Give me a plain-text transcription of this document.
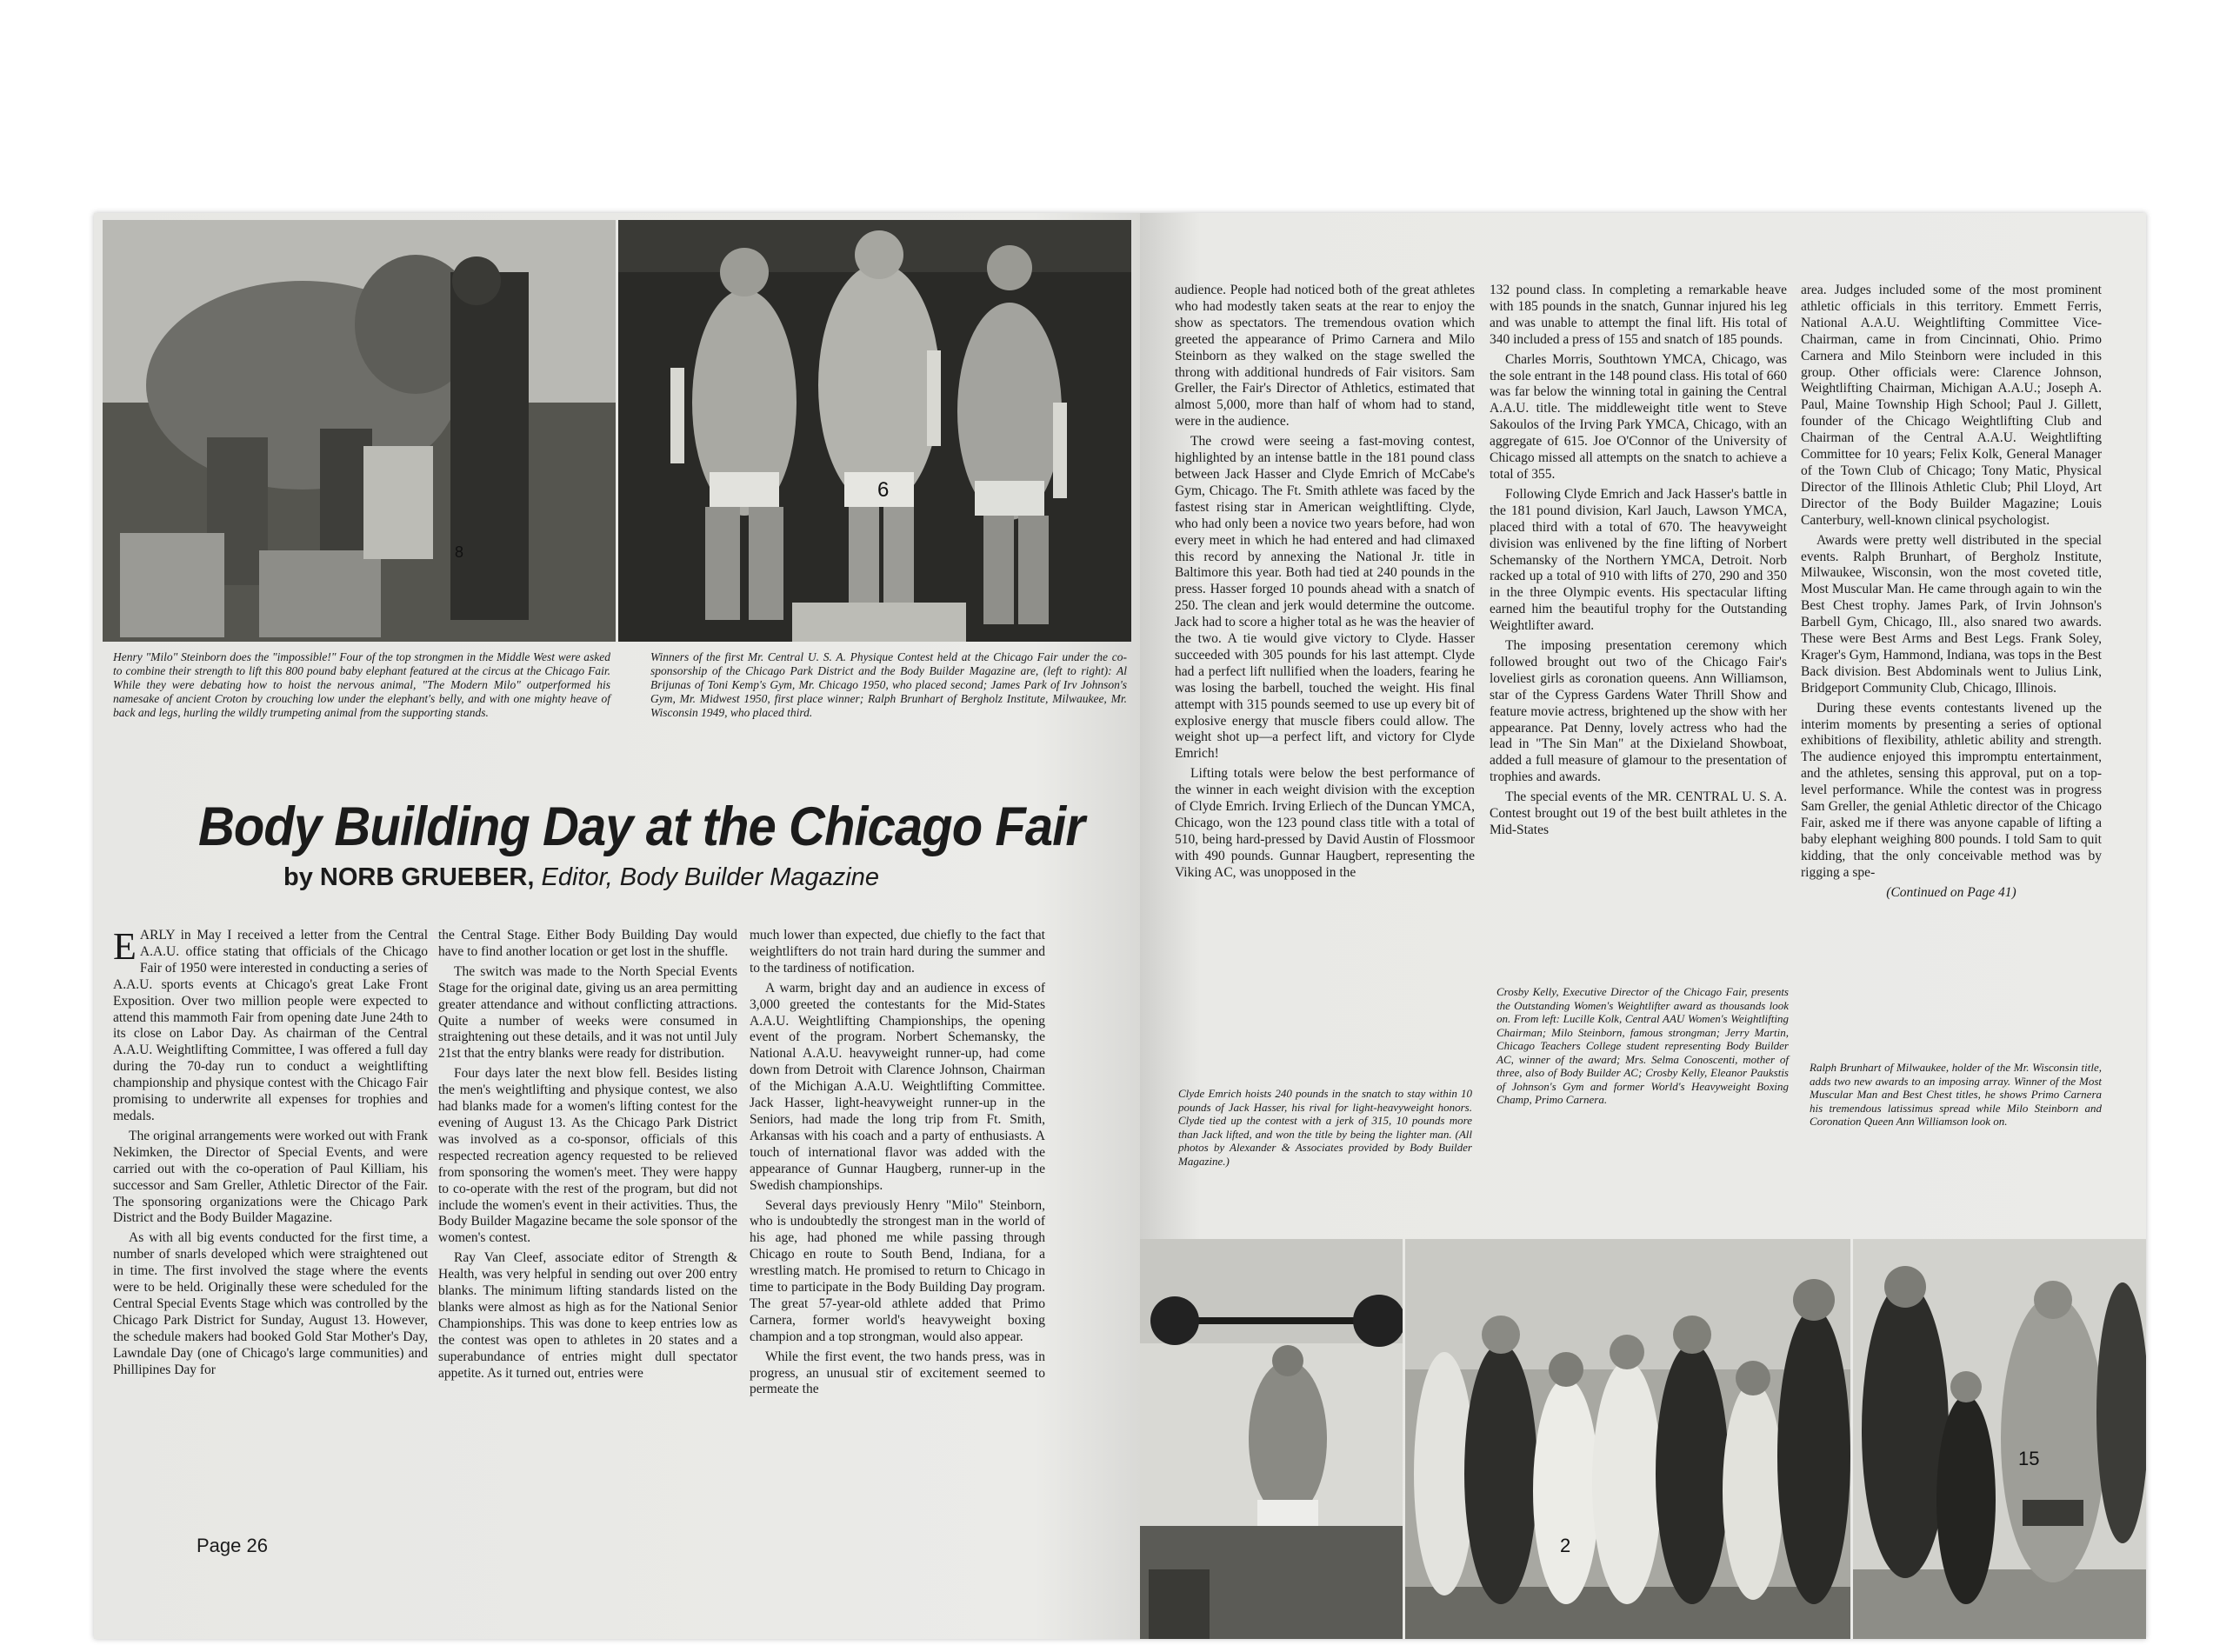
8
6
Henry "Milo" Steinborn does the "impossible!" Four of the top strongmen in the Middle West were asked to combine their strength to lift this 800 pound baby elephant featured at the circus at the Chicago Fair. While they were debating how to hoist the nervous animal, "The Modern Milo" outperformed his namesake of ancient Croton by crouching low under the elephant's belly, and with one mighty heave of back and legs, hurling the wildly trumpeting animal from the supporting stands.
Winners of the first Mr. Central U. S. A. Physique Contest held at the Chicago Fair under the co-sponsorship of the Chicago Park District and the Body Builder Magazine are, (left to right): Al Brijunas of Toni Kemp's Gym, Mr. Chicago 1950, who placed second; James Park of Irv Johnson's Gym, Mr. Midwest 1950, first place winner; Ralph Brunhart of Bergholz Institute, Milwaukee, Mr. Wisconsin 1949, who placed third.
Body Building Day at the Chicago Fair
by NORB GRUEBER, Editor, Body Builder Magazine

EARLY in May I received a letter from the Central A.A.U. office stating that officials of the Chicago Fair of 1950 were interested in conducting a series of A.A.U. sports events at Chicago's great Lake Front Exposition. Over two million people were expected to attend this mammoth Fair from opening date June 24th to its close on Labor Day. As chairman of the Central A.A.U. Weightlifting Committee, I was offered a full day during the 70-day run to conduct a weightlifting championship and physique contest with the Chicago Fair promising to underwrite all expenses for trophies and medals.

The original arrangements were worked out with Frank Nekimken, the Director of Special Events, and were carried out with the co-operation of Paul Killiam, his successor and Sam Greller, Athletic Director of the Fair. The sponsoring organizations were the Chicago Park District and the Body Builder Magazine.

As with all big events conducted for the first time, a number of snarls developed which were straightened out in time. The first involved the stage where the events were to be held. Originally these were scheduled for the Central Special Events Stage which was controlled by the Chicago Park District for Sunday, August 13. However, the schedule makers had booked Gold Star Mother's Day, Lawndale Day (one of Chicago's large communities) and Phillipines Day for

the Central Stage. Either Body Building Day would have to find another location or get lost in the shuffle.

The switch was made to the North Special Events Stage for the original date, giving us an area permitting greater attendance and without conflicting attractions. Quite a number of weeks were consumed in straightening out these details, and it was not until July 21st that the entry blanks were ready for distribution.

Four days later the next blow fell. Besides listing the men's weightlifting and physique contest, we also had blanks made for a women's lifting contest for the evening of August 13. As the Chicago Park District was involved as a co-sponsor, officials of this respected recreation agency requested to be relieved from sponsoring the women's meet. They were happy to co-operate with the rest of the program, but did not include the women's event in their activities. Thus, the Body Builder Magazine became the sole sponsor of the women's contest.

Ray Van Cleef, associate editor of Strength & Health, was very helpful in sending out over 200 entry blanks. The minimum lifting standards listed on the blanks were almost as high as for the National Senior Championships. This was done to keep entries low as the contest was open to athletes in 20 states and a superabundance of entries might dull spectator appetite. As it turned out, entries were

much lower than expected, due chiefly to the fact that weightlifters do not train hard during the summer and to the tardiness of notification.

A warm, bright day and an audience in excess of 3,000 greeted the contestants for the Mid-States A.A.U. Weightlifting Championships, the opening event of the program. Norbert Schemansky, the National A.A.U. heavyweight runner-up, had come down from Detroit with Clarence Johnson, Chairman of the Michigan A.A.U. Weightlifting Committee. Jack Hasser, light-heavyweight runner-up in the Seniors, had made the long trip from Ft. Smith, Arkansas with his coach and a party of enthusiasts. A touch of international flavor was added with the appearance of Gunnar Haugberg, runner-up in the Swedish championships.

Several days previously Henry "Milo" Steinborn, who is undoubtedly the strongest man in the world of his age, had phoned me while passing through Chicago en route to South Bend, Indiana, for a wrestling match. He promised to return to Chicago in time to participate in the Body Building Day program. The great 57-year-old athlete added that Primo Carnera, former world's heavyweight boxing champion and a top strongman, would also appear.

While the first event, the two hands press, was in progress, an unusual stir of excitement seemed to permeate the

Page 26

audience. People had noticed both of the great athletes who had modestly taken seats at the rear to enjoy the show as spectators. The tremendous ovation which greeted the appearance of Primo Carnera and Milo Steinborn as they walked on the stage swelled the throng with additional hundreds of Fair visitors. Sam Greller, the Fair's Director of Athletics, estimated that almost 5,000, more than half of whom had to stand, were in the audience.

The crowd were seeing a fast-moving contest, highlighted by an intense battle in the 181 pound class between Jack Hasser and Clyde Emrich of McCabe's Gym, Chicago. The Ft. Smith athlete was faced by the fastest rising star in American weightlifting. Clyde, who had only been a novice two years before, had won every meet in which he had entered and had climaxed this record by annexing the National Jr. title in Baltimore this year. Both had tied at 240 pounds in the press. Hasser forged 10 pounds ahead with a snatch of 250. The clean and jerk would determine the outcome. Jack had to score a higher total as he was the heavier of the two. A tie would give victory to Clyde. Hasser succeeded with 305 pounds for his last attempt. Clyde had a perfect lift nullified when the loaders, fearing he was losing the barbell, touched the weight. His final attempt with 315 pounds seemed to use up every bit of explosive energy that muscle fibers could allow. The weight shot up—a perfect lift, and victory for Clyde Emrich!

Lifting totals were below the best performance of the winner in each weight division with the exception of Clyde Emrich. Irving Erliech of the Duncan YMCA, Chicago, won the 123 pound class title with a total of 510, being hard-pressed by David Austin of Flossmoor with 490 pounds. Gunnar Haugbert, representing the Viking AC, was unopposed in the

132 pound class. In completing a remarkable heave with 185 pounds in the snatch, Gunnar injured his leg and was unable to attempt the final lift. His total of 340 included a press of 155 and snatch of 185 pounds.

Charles Morris, Southtown YMCA, Chicago, was the sole entrant in the 148 pound class. His total of 660 was far below the winning total in gaining the Central A.A.U. title. The middleweight title went to Steve Sakoulos of the Irving Park YMCA, Chicago, with an aggregate of 615. Joe O'Connor of the University of Chicago missed all attempts on the snatch to achieve a total of 355.

Following Clyde Emrich and Jack Hasser's battle in the 181 pound division, Karl Jauch, Lawson YMCA, placed third with a total of 670. The heavyweight division was enlivened by the fine lifting of Norbert Schemansky of the Northern YMCA, Detroit. Norb racked up a total of 910 with lifts of 270, 290 and 350 in the three Olympic events. His spectacular lifting earned him the beautiful trophy for the Outstanding Weightlifter award.

The imposing presentation ceremony which followed brought out two of the Chicago Fair's loveliest girls as coronation queens. Ann Williamson, star of the Cypress Gardens Water Thrill Show and feature movie actress, brightened up the show with her appearance. Pat Denny, lovely actress who had the lead in "The Sin Man" at the Dixieland Showboat, added a full measure of glamour to the presentation of trophies and awards.

The special events of the MR. CENTRAL U. S. A. Contest brought out 19 of the best built athletes in the Mid-States

area. Judges included some of the most prominent athletic officials in this territory. Emmett Ferris, National A.A.U. Weightlifting Committee Vice-Chairman, came in from Cincinnati, Ohio. Primo Carnera and Milo Steinborn were included in this group. Other officials were: Clarence Johnson, Weightlifting Chairman, Michigan A.A.U.; Joseph A. Paul, Maine Township High School; Paul J. Gillett, founder of the Chicago Weightlifting Club and Chairman of the Central A.A.U. Weightlifting Committee for 10 years; Felix Kolk, General Manager of the Town Club of Chicago; Tony Matic, Physical Director of the Illinois Athletic Club; Phil Lloyd, Art Director of the Body Builder Magazine; Louis Canterbury, well-known clinical psychologist.

Awards were pretty well distributed in the special events. Ralph Brunhart, of Bergholz Institute, Milwaukee, Wisconsin, won the most coveted title, Most Muscular Man. He came through again to win the Best Chest trophy. James Park, of Irvin Johnson's Barbell Gym, Chicago, Ill., also snared two awards. These were Best Arms and Best Legs. Frank Soley, Krager's Gym, Hammond, Indiana, was tops in the Best Back division. Best Abdominals went to Julius Link, Bridgeport Community Club, Chicago, Illinois.

During these events contestants livened up the interim moments by presenting a series of optional exhibitions of flexibility, athletic ability and strength. The audience enjoyed this impromptu entertainment, and the athletes, sensing this approval, put on a top-level performance. While the contest was in progress Sam Greller, the genial Athletic director of the Chicago Fair, asked me if there was anyone capable of lifting a baby elephant weighing 800 pounds. I told Sam to quit kidding, that the only conceivable method was by rigging a spe-

(Continued on Page 41)

Clyde Emrich hoists 240 pounds in the snatch to stay within 10 pounds of Jack Hasser, his rival for light-heavyweight honors. Clyde tied up the contest with a jerk of 315, 10 pounds more than Jack lifted, and won the title by being the lighter man. (All photos by Alexander & Associates provided by Body Builder Magazine.)
Crosby Kelly, Executive Director of the Chicago Fair, presents the Outstanding Women's Weightlifter award as thousands look on. From left: Lucille Kolk, Central AAU Women's Weightlifting Chairman; Milo Steinborn, famous strongman; Jerry Martin, Chicago Teachers College student representing Body Builder AC, winner of the award; Mrs. Selma Conoscenti, mother of three, also of Body Builder AC; Crosby Kelly, Eleanor Paukstis of Johnson's Gym and former World's Heavyweight Boxing Champ, Primo Carnera.
Ralph Brunhart of Milwaukee, holder of the Mr. Wisconsin title, adds two new awards to an imposing array. Winner of the Most Muscular Man and Best Chest titles, he shows Primo Carnera his tremendous latissimus spread while Milo Steinborn and Coronation Queen Ann Williamson look on.
2
15
